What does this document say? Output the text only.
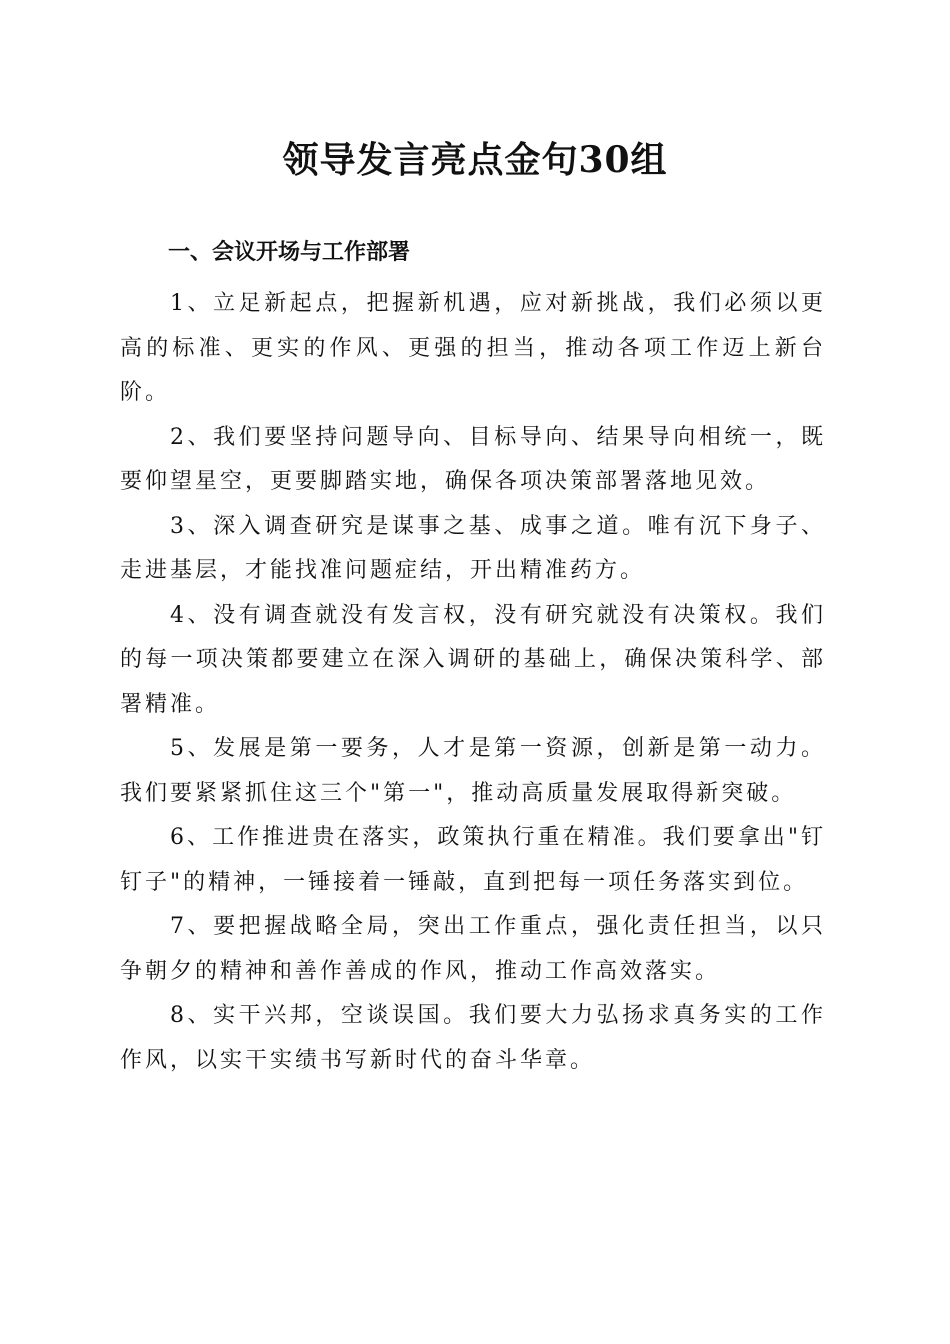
领导发言亮点金句30组
一、会议开场与工作部署

1、立足新起点，把握新机遇，应对新挑战，我们必须以更高的标准、更实的作风、更强的担当，推动各项工作迈上新台阶。

2、我们要坚持问题导向、目标导向、结果导向相统一，既要仰望星空，更要脚踏实地，确保各项决策部署落地见效。

3、深入调查研究是谋事之基、成事之道。唯有沉下身子、走进基层，才能找准问题症结，开出精准药方。

4、没有调查就没有发言权，没有研究就没有决策权。我们的每一项决策都要建立在深入调研的基础上，确保决策科学、部署精准。

5、发展是第一要务，人才是第一资源，创新是第一动力。我们要紧紧抓住这三个"第一"，推动高质量发展取得新突破。

6、工作推进贵在落实，政策执行重在精准。我们要拿出"钉钉子"的精神，一锤接着一锤敲，直到把每一项任务落实到位。

7、要把握战略全局，突出工作重点，强化责任担当，以只争朝夕的精神和善作善成的作风，推动工作高效落实。

8、实干兴邦，空谈误国。我们要大力弘扬求真务实的工作作风，以实干实绩书写新时代的奋斗华章。
